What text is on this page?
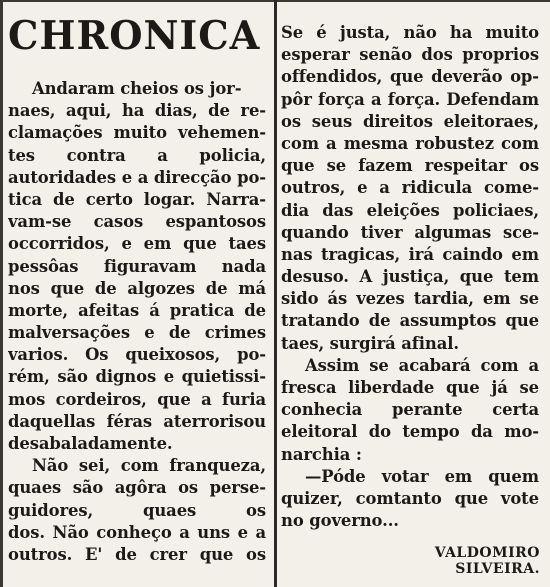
CHRONICA
Andaram cheios os jor-
naes, aqui, ha dias, de re-
clamações muito vehemen-
tes contra a policia,
autoridades e a direcção po-
tica de certo logar. Narra-
vam-se casos espantosos
occorridos, e em que taes
pessôas figuravam nada
nos que de algozes de má
morte, afeitas á pratica de
malversações e de crimes
varios. Os queixosos, po-
rém, são dignos e quietissi-
mos cordeiros, que a furia
daquellas féras aterrorisou
desabaladamente.
Não sei, com franqueza,
quaes são agôra os perse-
guidores, quaes os
dos. Não conheço a uns e a
outros. E' de crer que os
Se é justa, não ha muito
esperar senão dos proprios
offendidos, que deverão op-
pôr força a força. Defendam
os seus direitos eleitoraes,
com a mesma robustez com
que se fazem respeitar os
outros, e a ridicula come-
dia das eleições policiaes,
quando tiver algumas sce-
nas tragicas, irá caindo em
desuso. A justiça, que tem
sido ás vezes tardia, em se
tratando de assumptos que
taes, surgirá afinal.
Assim se acabará com a
fresca liberdade que já se
conhecia perante certa
eleitoral do tempo da mo-
narchia :
—Póde votar em quem
quizer, comtanto que vote
no governo...
VALDOMIRO SILVEIRA.
